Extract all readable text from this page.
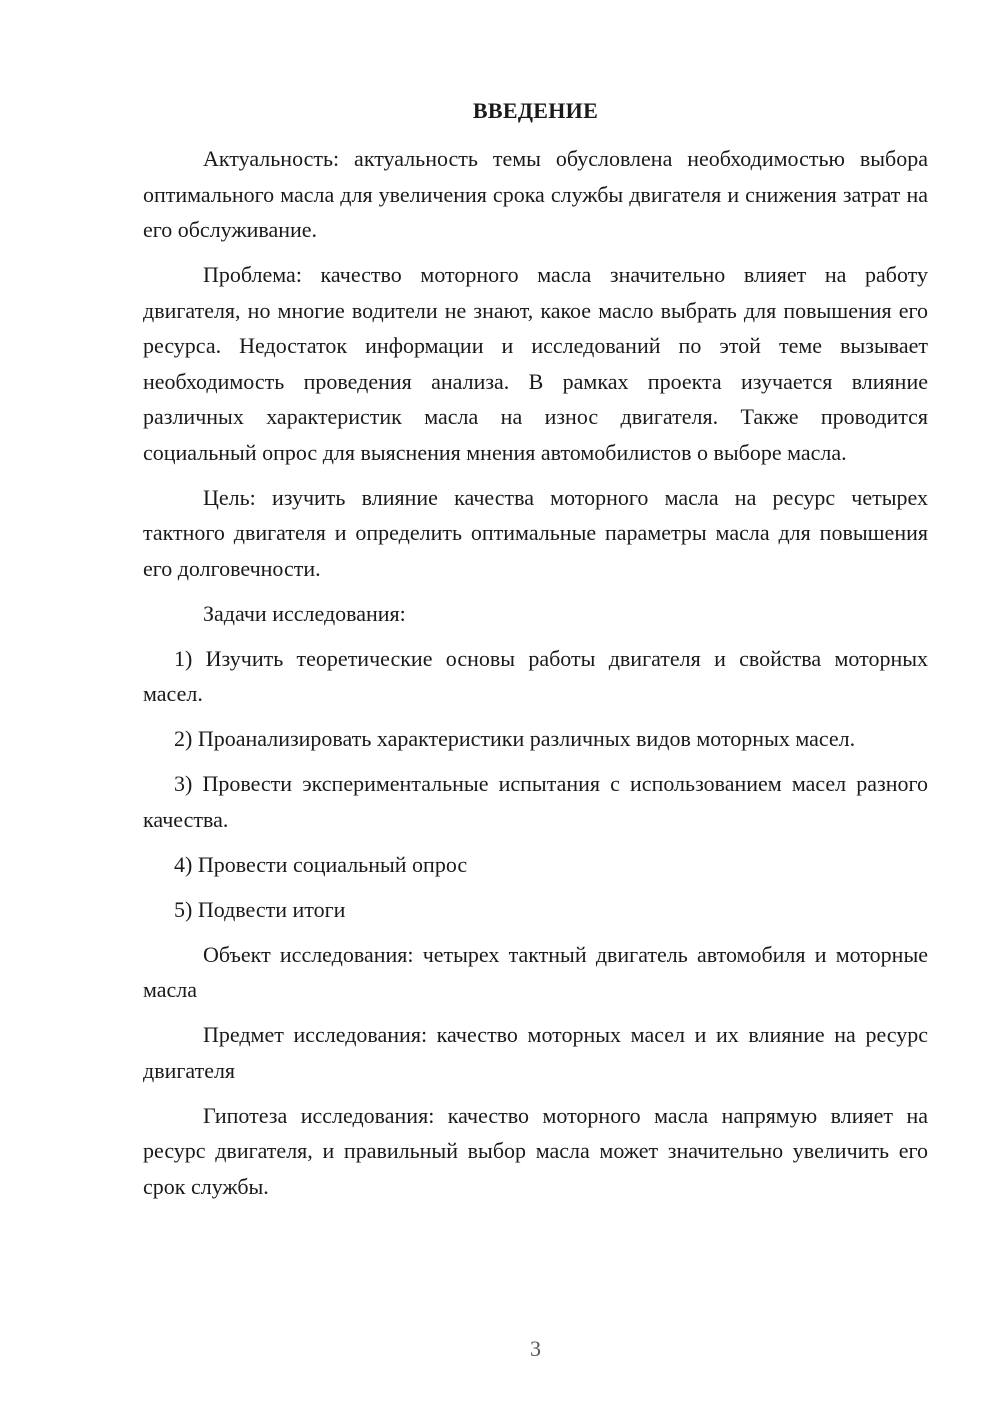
ВВЕДЕНИЕ

Актуальность: актуальность темы обусловлена необходимостью выбора оптимального масла для увеличения срока службы двигателя и снижения затрат на его обслуживание.

Проблема: качество моторного масла значительно влияет на работу двигателя, но многие водители не знают, какое масло выбрать для повышения его ресурса. Недостаток информации и исследований по этой теме вызывает необходимость проведения анализа. В рамках проекта изучается влияние различных характеристик масла на износ двигателя. Также проводится социальный опрос для выяснения мнения автомобилистов о выборе масла.

Цель: изучить влияние качества моторного масла на ресурс четырех тактного двигателя и определить оптимальные параметры масла для повышения его долговечности.

Задачи исследования:

1) Изучить теоретические основы работы двигателя и свойства моторных масел.

2) Проанализировать характеристики различных видов моторных масел.

3) Провести экспериментальные испытания с использованием масел разного качества.

4) Провести социальный опрос

5) Подвести итоги

Объект исследования: четырех тактный двигатель автомобиля и моторные масла

Предмет исследования: качество моторных масел и их влияние на ресурс двигателя

Гипотеза исследования: качество моторного масла напрямую влияет на ресурс двигателя, и правильный выбор масла может значительно увеличить его срок службы.

3
